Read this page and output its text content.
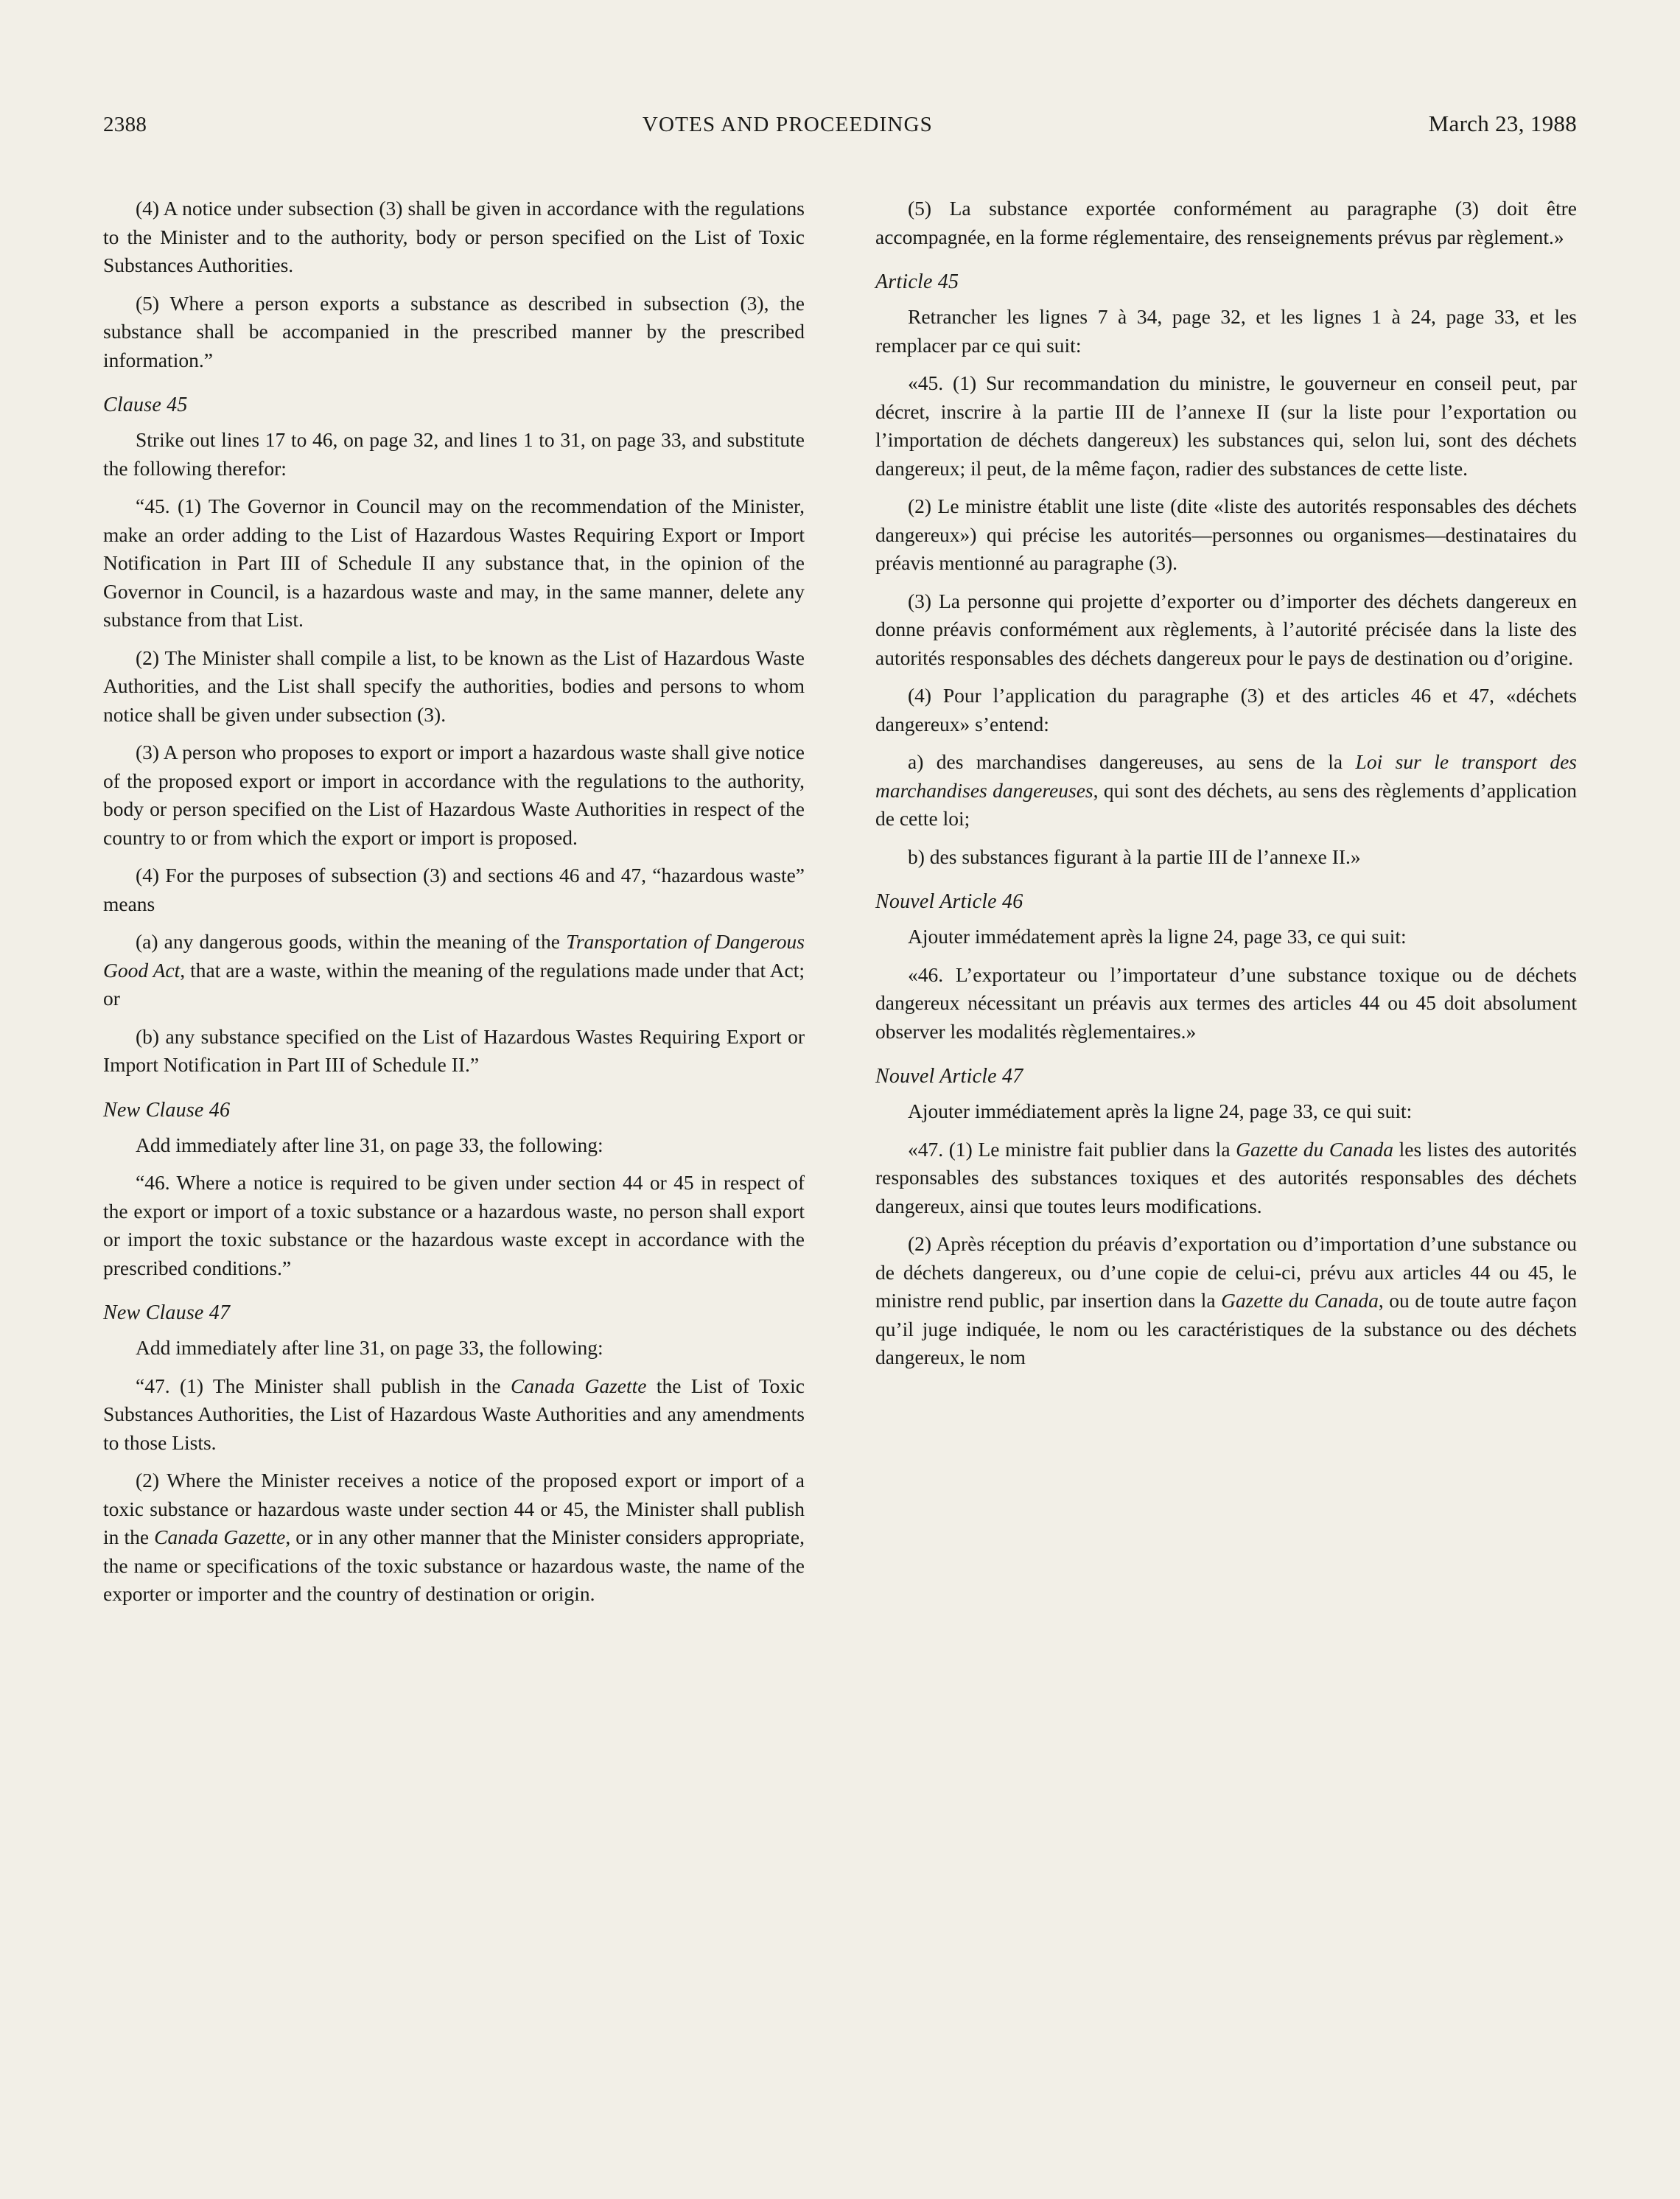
2388	VOTES AND PROCEEDINGS	March 23, 1988

(4) A notice under subsection (3) shall be given in accordance with the regulations to the Minister and to the authority, body or person specified on the List of Toxic Substances Authorities.

(5) Where a person exports a substance as described in subsection (3), the substance shall be accompanied in the prescribed manner by the prescribed information.”

Clause 45

Strike out lines 17 to 46, on page 32, and lines 1 to 31, on page 33, and substitute the following therefor:

“45. (1) The Governor in Council may on the recommendation of the Minister, make an order adding to the List of Hazardous Wastes Requiring Export or Import Notification in Part III of Schedule II any substance that, in the opinion of the Governor in Council, is a hazardous waste and may, in the same manner, delete any substance from that List.

(2) The Minister shall compile a list, to be known as the List of Hazardous Waste Authorities, and the List shall specify the authorities, bodies and persons to whom notice shall be given under subsection (3).

(3) A person who proposes to export or import a hazardous waste shall give notice of the proposed export or import in accordance with the regulations to the authority, body or person specified on the List of Hazardous Waste Authorities in respect of the country to or from which the export or import is proposed.

(4) For the purposes of subsection (3) and sections 46 and 47, “hazardous waste” means

(a) any dangerous goods, within the meaning of the Transportation of Dangerous Good Act, that are a waste, within the meaning of the regulations made under that Act; or

(b) any substance specified on the List of Hazardous Wastes Requiring Export or Import Notification in Part III of Schedule II.”

New Clause 46

Add immediately after line 31, on page 33, the following:

“46. Where a notice is required to be given under section 44 or 45 in respect of the export or import of a toxic substance or a hazardous waste, no person shall export or import the toxic substance or the hazardous waste except in accordance with the prescribed conditions.”

New Clause 47

Add immediately after line 31, on page 33, the following:

“47. (1) The Minister shall publish in the Canada Gazette the List of Toxic Substances Authorities, the List of Hazardous Waste Authorities and any amendments to those Lists.

(2) Where the Minister receives a notice of the proposed export or import of a toxic substance or hazardous waste under section 44 or 45, the Minister shall publish in the Canada Gazette, or in any other manner that the Minister considers appropriate, the name or specifications of the toxic substance or hazardous waste, the name of the exporter or importer and the country of destination or origin.

(5) La substance exportée conformément au paragraphe (3) doit être accompagnée, en la forme réglementaire, des renseignements prévus par règlement.»

Article 45

Retrancher les lignes 7 à 34, page 32, et les lignes 1 à 24, page 33, et les remplacer par ce qui suit:

«45. (1) Sur recommandation du ministre, le gouverneur en conseil peut, par décret, inscrire à la partie III de l’annexe II (sur la liste pour l’exportation ou l’importation de déchets dangereux) les substances qui, selon lui, sont des déchets dangereux; il peut, de la même façon, radier des substances de cette liste.

(2) Le ministre établit une liste (dite «liste des autorités responsables des déchets dangereux») qui précise les autorités—personnes ou organismes—destinataires du préavis mentionné au paragraphe (3).

(3) La personne qui projette d’exporter ou d’importer des déchets dangereux en donne préavis conformément aux règlements, à l’autorité précisée dans la liste des autorités responsables des déchets dangereux pour le pays de destination ou d’origine.

(4) Pour l’application du paragraphe (3) et des articles 46 et 47, «déchets dangereux» s’entend:

a) des marchandises dangereuses, au sens de la Loi sur le transport des marchandises dangereuses, qui sont des déchets, au sens des règlements d’application de cette loi;

b) des substances figurant à la partie III de l’annexe II.»

Nouvel Article 46

Ajouter immédatement après la ligne 24, page 33, ce qui suit:

«46. L’exportateur ou l’importateur d’une substance toxique ou de déchets dangereux nécessitant un préavis aux termes des articles 44 ou 45 doit absolument observer les modalités règlementaires.»

Nouvel Article 47

Ajouter immédiatement après la ligne 24, page 33, ce qui suit:

«47. (1) Le ministre fait publier dans la Gazette du Canada les listes des autorités responsables des substances toxiques et des autorités responsables des déchets dangereux, ainsi que toutes leurs modifications.

(2) Après réception du préavis d’exportation ou d’importation d’une substance ou de déchets dangereux, ou d’une copie de celui-ci, prévu aux articles 44 ou 45, le ministre rend public, par insertion dans la Gazette du Canada, ou de toute autre façon qu’il juge indiquée, le nom ou les caractéristiques de la substance ou des déchets dangereux, le nom
